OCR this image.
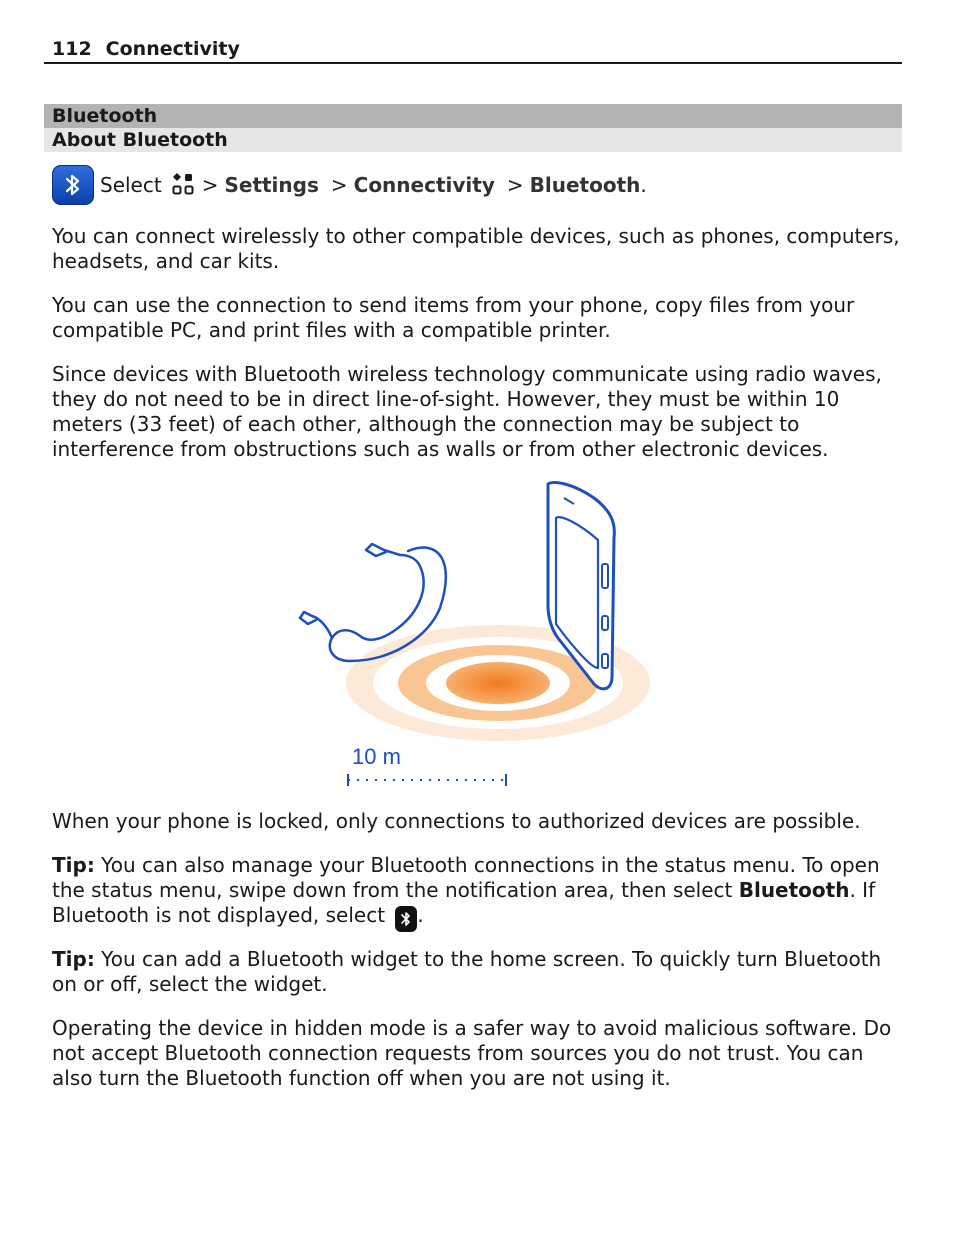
112 Connectivity
Bluetooth
About Bluetooth
Select > Settings > Connectivity > Bluetooth .

You can connect wirelessly to other compatible devices, such as phones, computers, headsets, and car kits.

You can use the connection to send items from your phone, copy files from your compatible PC, and print files with a compatible printer.

Since devices with Bluetooth wireless technology communicate using radio waves, they do not need to be in direct line-of-sight. However, they must be within 10 meters (33 feet) of each other, although the connection may be subject to interference from obstructions such as walls or from other electronic devices.

10 m

When your phone is locked, only connections to authorized devices are possible.

Tip: You can also manage your Bluetooth connections in the status menu. To open the status menu, swipe down from the notification area, then select Bluetooth. If Bluetooth is not displayed, select
.

Tip: You can add a Bluetooth widget to the home screen. To quickly turn Bluetooth on or off, select the widget.

Operating the device in hidden mode is a safer way to avoid malicious software. Do not accept Bluetooth connection requests from sources you do not trust. You can also turn the Bluetooth function off when you are not using it.
